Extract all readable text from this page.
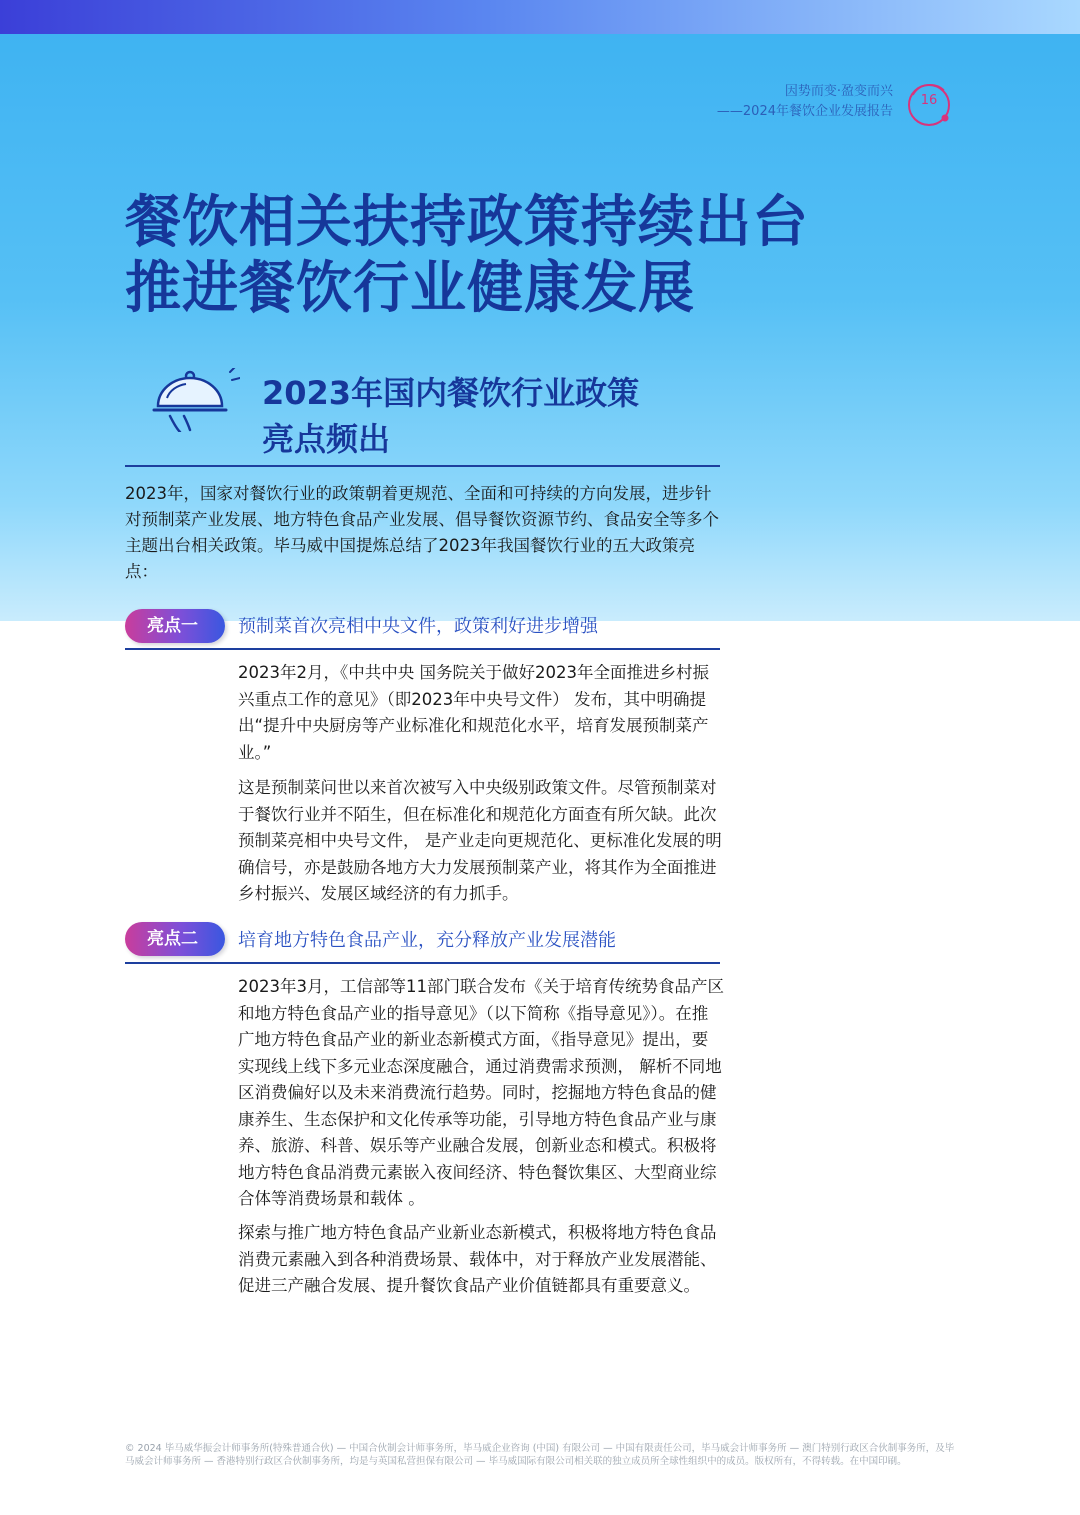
因势而变·盈变而兴
——2024年餐饮企业发展报告
16
餐饮相关扶持政策持续出台
推进餐饮行业健康发展
2023年国内餐饮行业政策
亮点频出
2023年，国家对餐饮行业的政策朝着更规范、全面和可持续的方向发展，进步针对预制菜产业发展、地方特色食品产业发展、倡导餐饮资源节约、食品安全等多个主题出台相关政策。毕马威中国提炼总结了2023年我国餐饮行业的五大政策亮点：
亮点一	预制菜首次亮相中央文件，政策利好进步增强
2023年2月，《中共中央 国务院关于做好2023年全面推进乡村振兴重点工作的意见》（即2023年中央号文件） 发布，其中明确提出“提升中央厨房等产业标准化和规范化水平，培育发展预制菜产业。”
这是预制菜问世以来首次被写入中央级别政策文件。尽管预制菜对于餐饮行业并不陌生，但在标准化和规范化方面查有所欠缺。此次预制菜亮相中央号文件， 是产业走向更规范化、更标准化发展的明确信号，亦是鼓励各地方大力发展预制菜产业，将其作为全面推进乡村振兴、发展区域经济的有力抓手。
亮点二	培育地方特色食品产业，充分释放产业发展潜能
2023年3月，工信部等11部门联合发布《关于培育传统势食品产区和地方特色食品产业的指导意见》（以下简称《指导意见》）。在推广地方特色食品产业的新业态新模式方面，《指导意见》提出，要实现线上线下多元业态深度融合，通过消费需求预测， 解析不同地区消费偏好以及未来消费流行趋势。同时，挖掘地方特色食品的健康养生、生态保护和文化传承等功能，引导地方特色食品产业与康养、旅游、科普、娱乐等产业融合发展，创新业态和模式。积极将地方特色食品消费元素嵌入夜间经济、特色餐饮集区、大型商业综合体等消费场景和载体 。
探索与推广地方特色食品产业新业态新模式，积极将地方特色食品消费元素融入到各种消费场景、载体中，对于释放产业发展潜能、促进三产融合发展、提升餐饮食品产业价值链都具有重要意义。
© 2024 毕马威华振会计师事务所(特殊普通合伙) — 中国合伙制会计师事务所，毕马威企业咨询 (中国) 有限公司 — 中国有限责任公司，毕马威会计师事务所 — 澳门特别行政区合伙制事务所，及毕马威会计师事务所 — 香港特别行政区合伙制事务所，均是与英国私营担保有限公司 — 毕马威国际有限公司相关联的独立成员所全球性组织中的成员。版权所有，不得转载。在中国印刷。
